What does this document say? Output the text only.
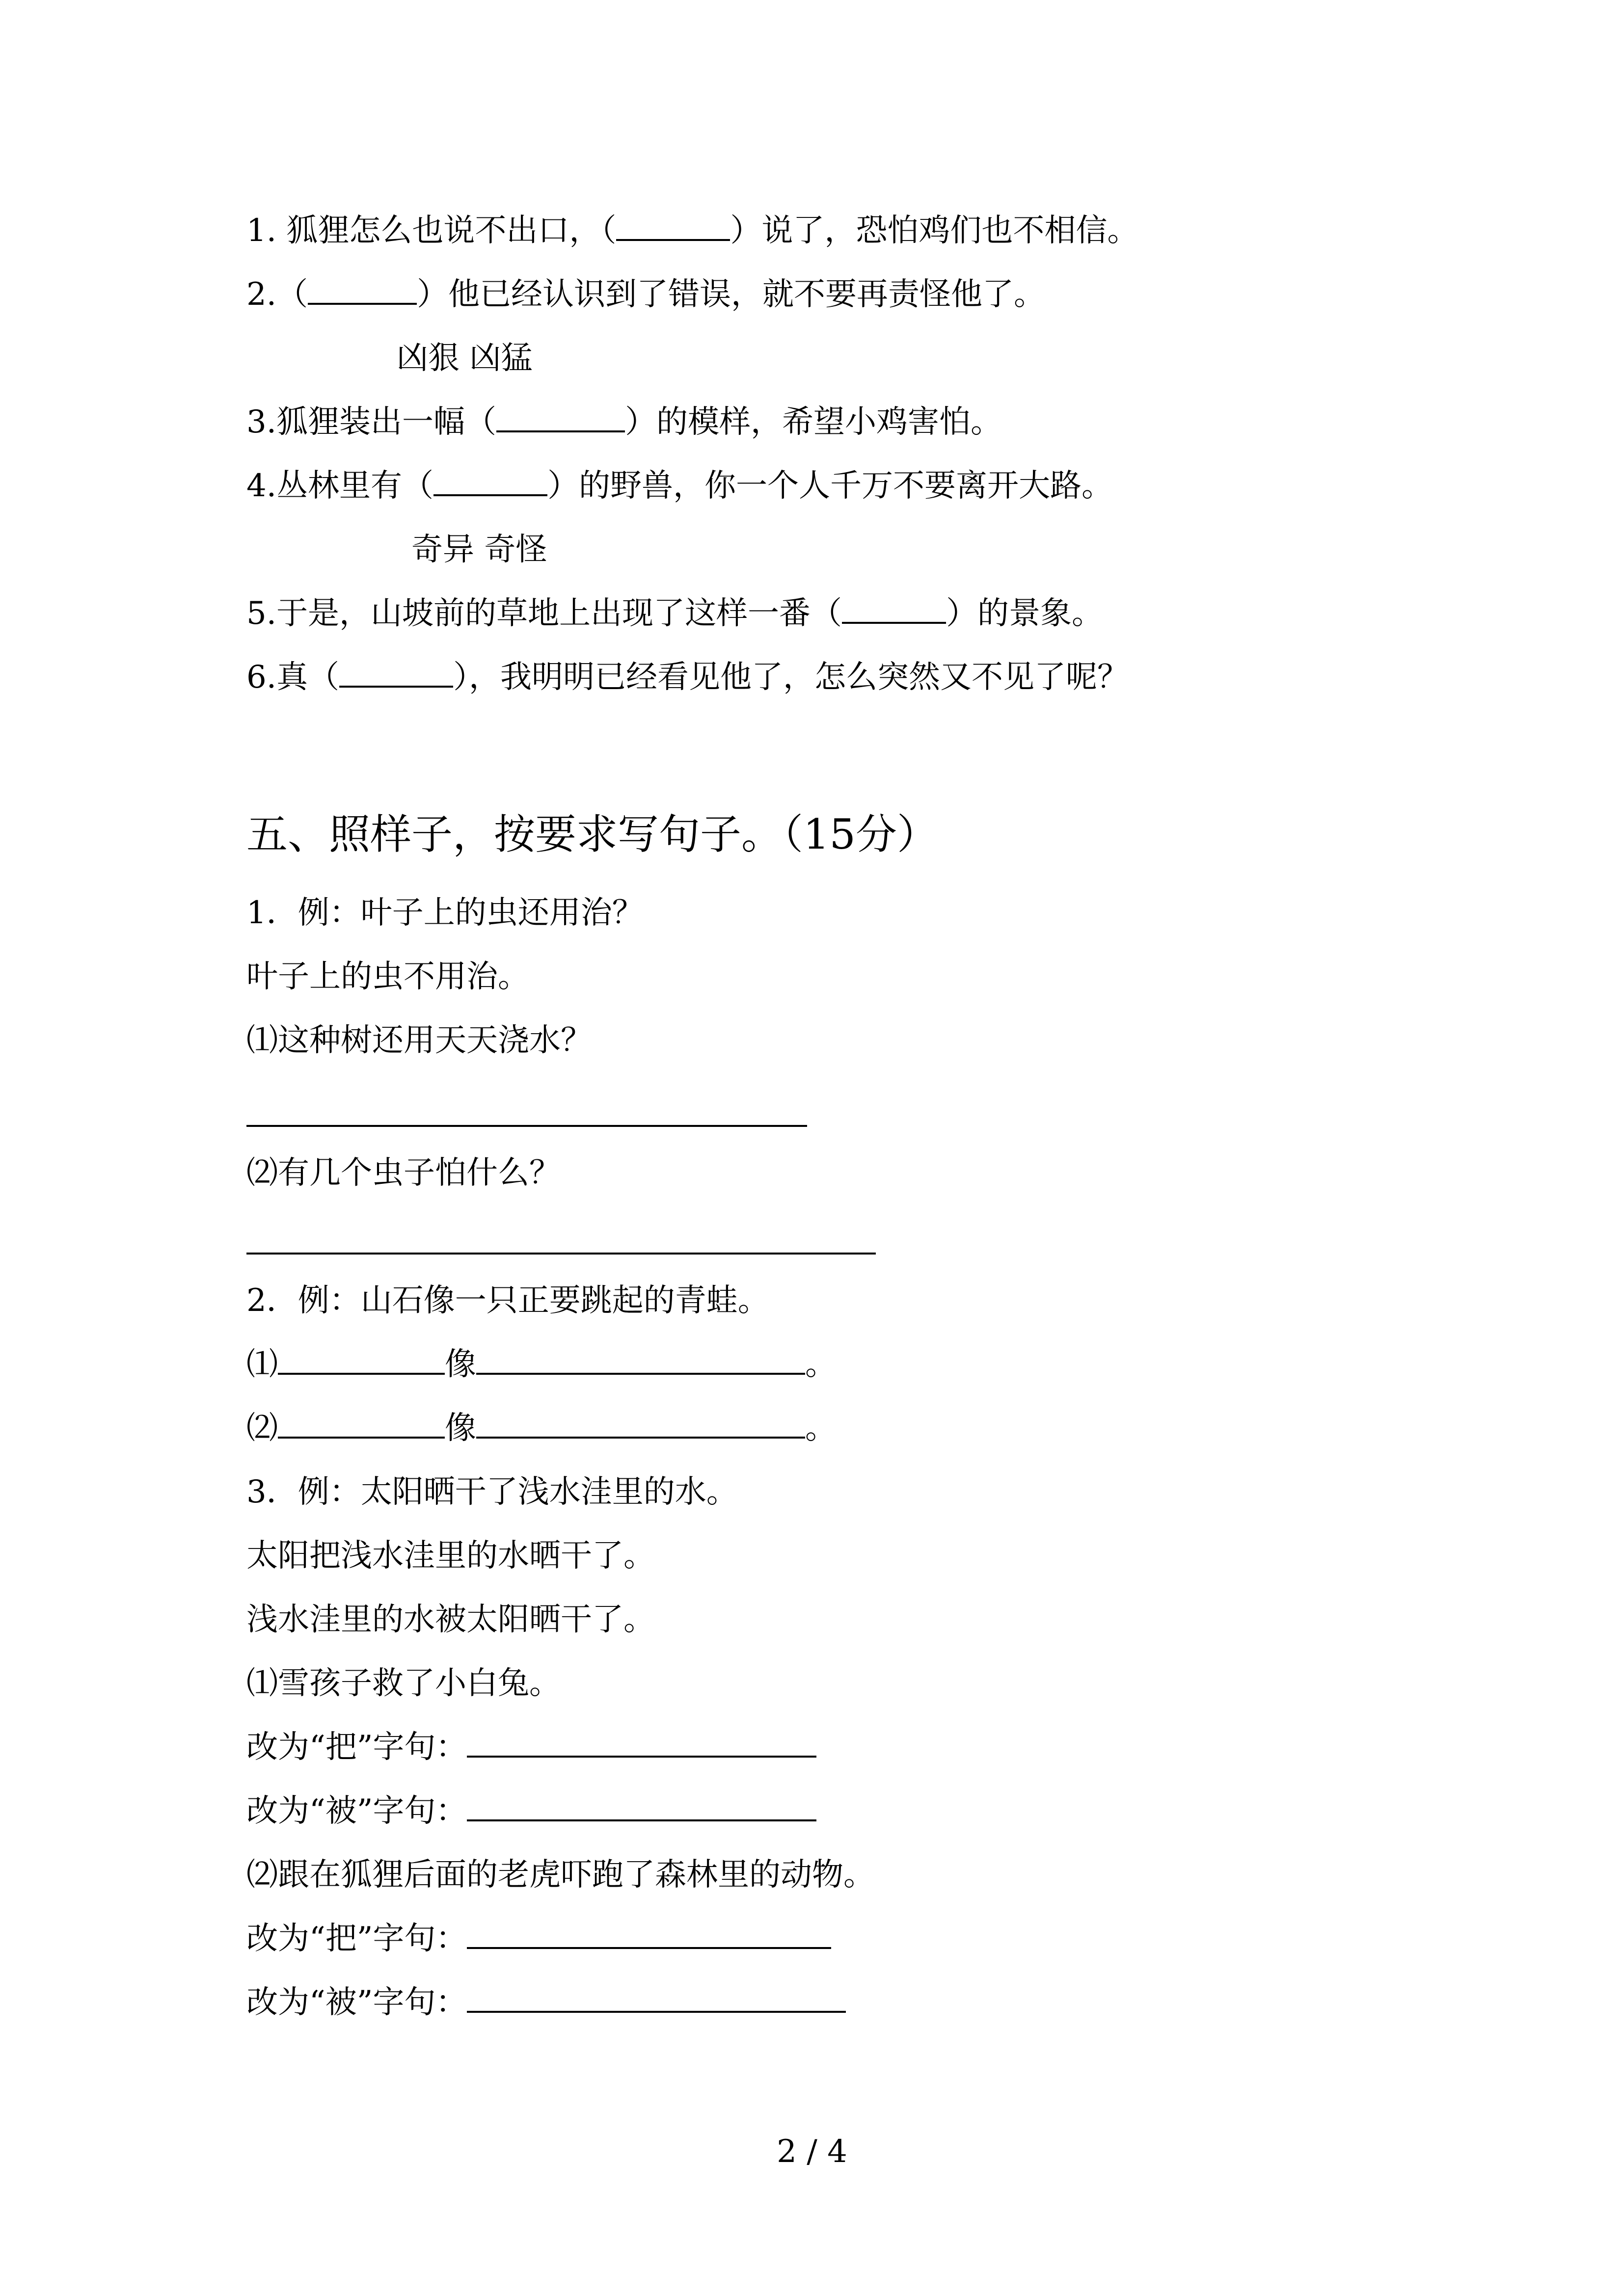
1. 狐狸怎么也说不出口，（	）说了，恐怕鸡们也不相信。
2.（	）他已经认识到了错误，就不要再责怪他了。
凶狠 凶猛
3.狐狸装出一幅（	）的模样，希望小鸡害怕。
4.丛林里有（	）的野兽，你一个人千万不要离开大路。
奇异 奇怪
5.于是，山坡前的草地上出现了这样一番（	）的景象。
6.真（	），我明明已经看见他了，怎么突然又不见了呢？
五、照样子，按要求写句子。（15分）
1．例：叶子上的虫还用治？
叶子上的虫不用治。
⑴这种树还用天天浇水？
⑵有几个虫子怕什么？
2．例：山石像一只正要跳起的青蛙。
⑴	像	。
⑵	像	。
3．例：太阳晒干了浅水洼里的水。
太阳把浅水洼里的水晒干了。
浅水洼里的水被太阳晒干了。
⑴雪孩子救了小白兔。
改为“把”字句：
改为“被”字句：
⑵跟在狐狸后面的老虎吓跑了森林里的动物。
改为“把”字句：
改为“被”字句：
2 / 4
